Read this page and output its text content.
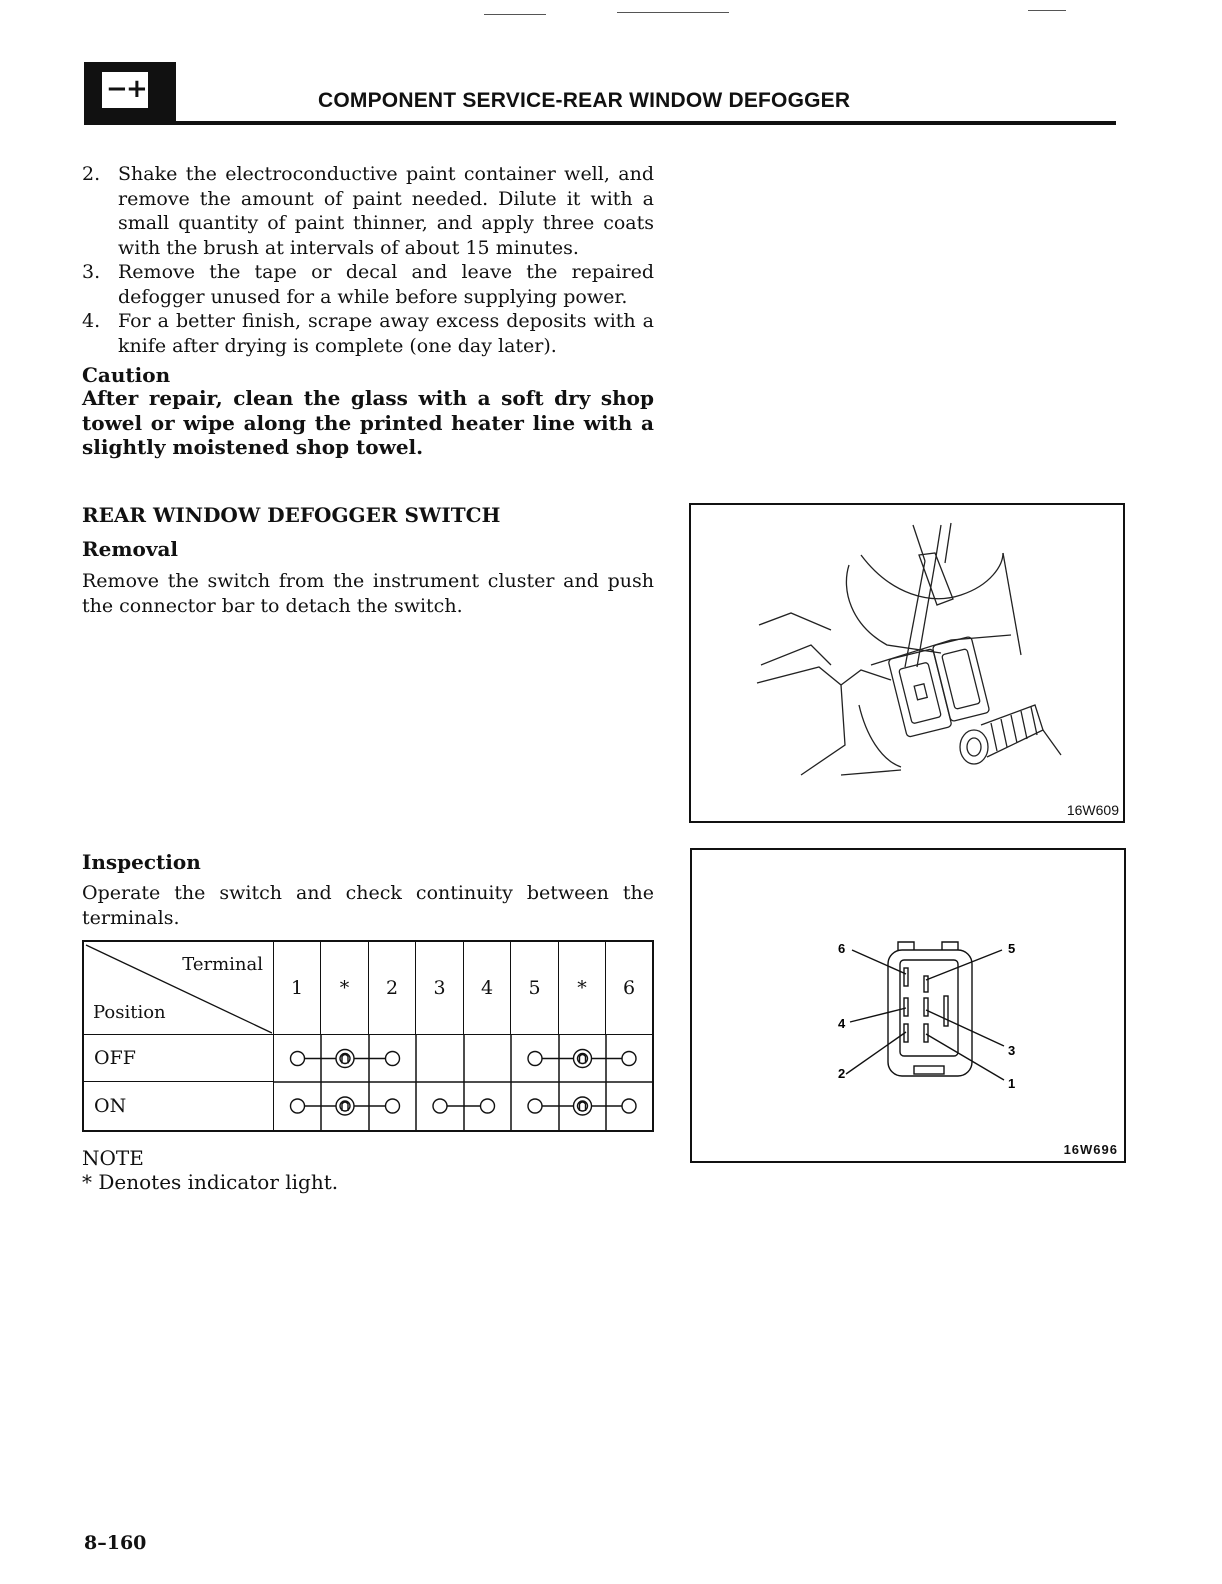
−
+	COMPONENT SERVICE-REAR WINDOW DEFOGGER
2. Shake the electroconductive paint container well, and remove the amount of paint needed. Dilute it with a small quantity of paint thinner, and apply three coats with the brush at intervals of about 15 minutes.
3. Remove the tape or decal and leave the repaired defogger unused for a while before supplying power.
4. For a better finish, scrape away excess deposits with a knife after drying is complete (one day later).
Caution
After repair, clean the glass with a soft dry shop towel or wipe along the printed heater line with a slightly moistened shop towel.
REAR WINDOW DEFOGGER SWITCH
Removal
Remove the switch from the instrument cluster and push the connector bar to detach the switch.
Inspection
Operate the switch and check continuity between the terminals.
Terminal
Position
1	*	2	3	4	5	*	6
OFF
ON
NOTE
* Denotes indicator light.
8–160
16W609
6	5
4
3
2
1
16W696
